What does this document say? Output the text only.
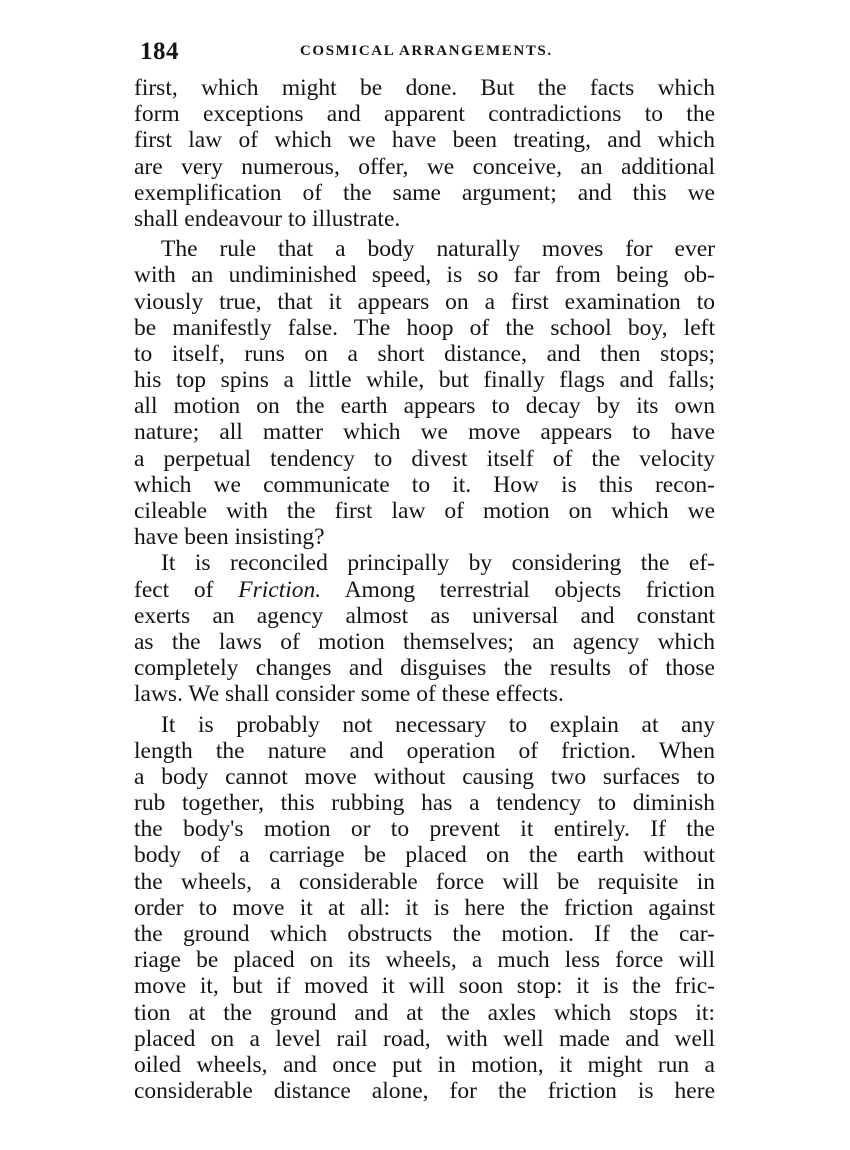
184	COSMICAL ARRANGEMENTS.
first, which might be done. But the facts which
form exceptions and apparent contradictions to the
first law of which we have been treating, and which
are very numerous, offer, we conceive, an additional
exemplification of the same argument; and this we
shall endeavour to illustrate.
The rule that a body naturally moves for ever
with an undiminished speed, is so far from being ob-
viously true, that it appears on a first examination to
be manifestly false. The hoop of the school boy, left
to itself, runs on a short distance, and then stops;
his top spins a little while, but finally flags and falls;
all motion on the earth appears to decay by its own
nature; all matter which we move appears to have
a perpetual tendency to divest itself of the velocity
which we communicate to it. How is this recon-
cileable with the first law of motion on which we
have been insisting?
It is reconciled principally by considering the ef-
fect of Friction. Among terrestrial objects friction
exerts an agency almost as universal and constant
as the laws of motion themselves; an agency which
completely changes and disguises the results of those
laws. We shall consider some of these effects.
It is probably not necessary to explain at any
length the nature and operation of friction. When
a body cannot move without causing two surfaces to
rub together, this rubbing has a tendency to diminish
the body's motion or to prevent it entirely. If the
body of a carriage be placed on the earth without
the wheels, a considerable force will be requisite in
order to move it at all: it is here the friction against
the ground which obstructs the motion. If the car-
riage be placed on its wheels, a much less force will
move it, but if moved it will soon stop: it is the fric-
tion at the ground and at the axles which stops it:
placed on a level rail road, with well made and well
oiled wheels, and once put in motion, it might run a
considerable distance alone, for the friction is here
